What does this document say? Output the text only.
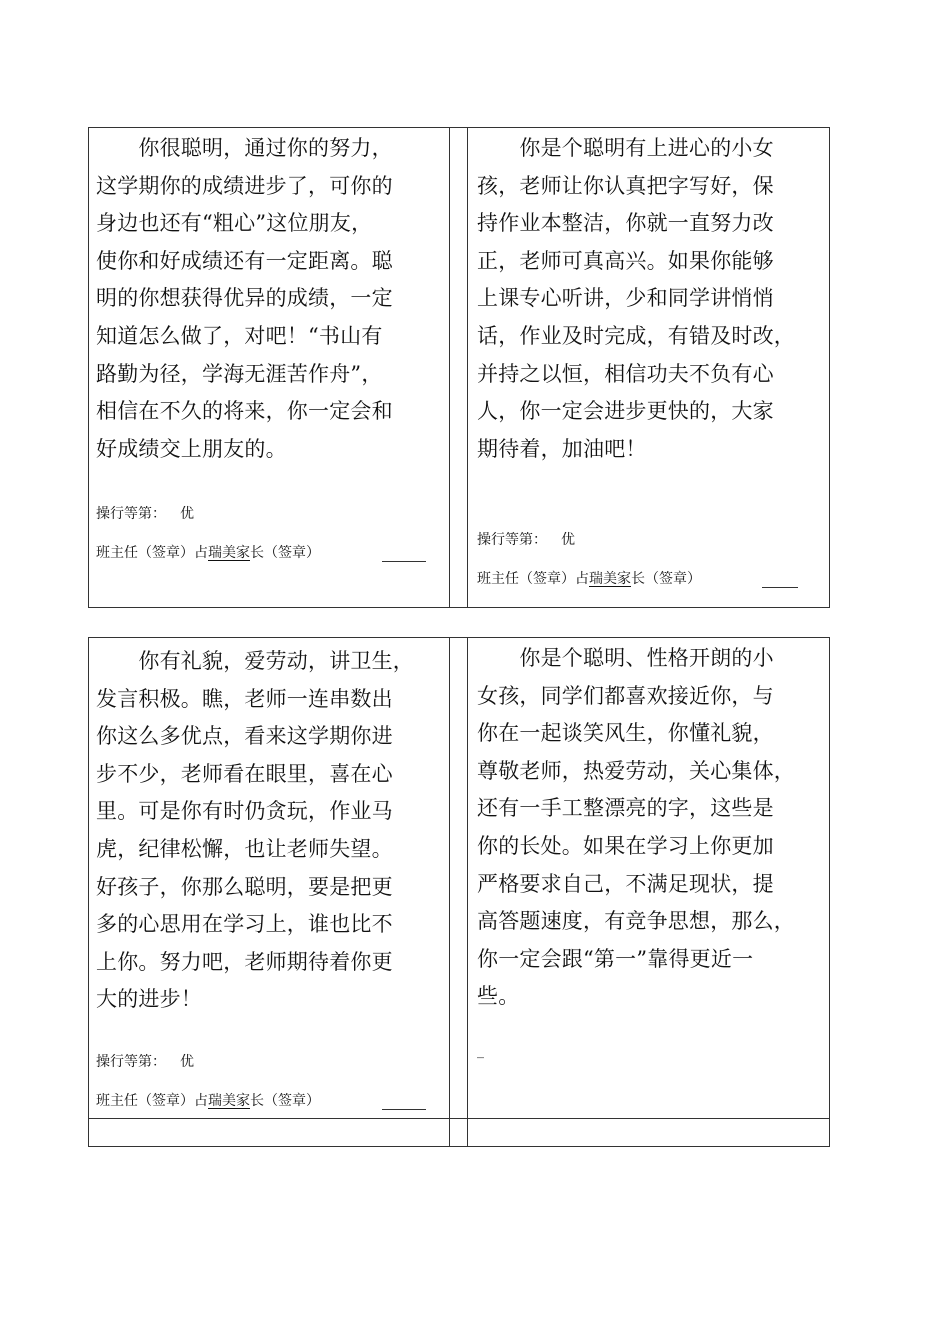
　　你很聪明，通过你的努力，
这学期你的成绩进步了，可你的
身边也还有“粗心”这位朋友，
使你和好成绩还有一定距离。聪
明的你想获得优异的成绩，一定
知道怎么做了，对吧！“书山有
路勤为径，学海无涯苦作舟”，
相信在不久的将来，你一定会和
好成绩交上朋友的。
操行等第： 优
班主任（签章）占瑞美家长（签章）
　　你是个聪明有上进心的小女
孩，老师让你认真把字写好，保
持作业本整洁，你就一直努力改
正，老师可真高兴。如果你能够
上课专心听讲，少和同学讲悄悄
话，作业及时完成，有错及时改，
并持之以恒，相信功夫不负有心
人，你一定会进步更快的，大家
期待着，加油吧！
操行等第： 优
班主任（签章）占瑞美家长（签章）
　　你有礼貌，爱劳动，讲卫生，
发言积极。瞧，老师一连串数出
你这么多优点，看来这学期你进
步不少，老师看在眼里，喜在心
里。可是你有时仍贪玩，作业马
虎，纪律松懈，也让老师失望。
好孩子，你那么聪明，要是把更
多的心思用在学习上，谁也比不
上你。努力吧，老师期待着你更
大的进步！
操行等第： 优
班主任（签章）占瑞美家长（签章）
　　你是个聪明、性格开朗的小
女孩，同学们都喜欢接近你，与
你在一起谈笑风生，你懂礼貌，
尊敬老师，热爱劳动，关心集体，
还有一手工整漂亮的字，这些是
你的长处。如果在学习上你更加
严格要求自己，不满足现状，提
高答题速度，有竞争思想，那么，
你一定会跟“第一”靠得更近一
些。
_
